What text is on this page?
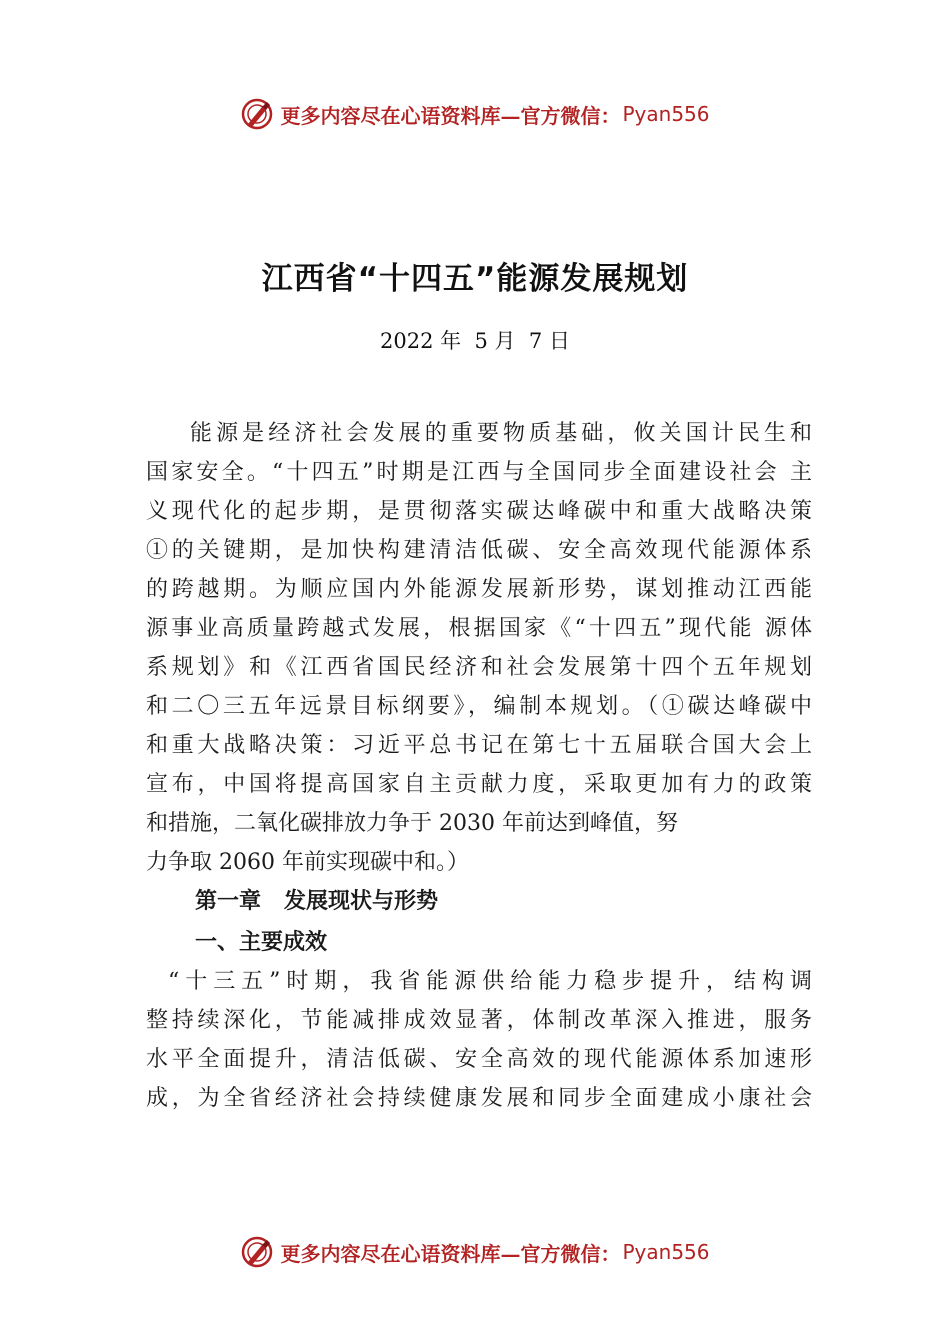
更多内容尽在心语资料库—官方微信： Pyan556
江西省“十四五”能源发展规划
2022 年  5 月  7 日
能源是经济社会发展的重要物质基础，攸关国计民生和
国家安全。“十四五”时期是江西与全国同步全面建设社会 主
义现代化的起步期，是贯彻落实碳达峰碳中和重大战略决策
①的关键期，是加快构建清洁低碳、安全高效现代能源体系
的跨越期。为顺应国内外能源发展新形势，谋划推动江西能
源事业高质量跨越式发展，根据国家《“十四五”现代能 源体
系规划》和《江西省国民经济和社会发展第十四个五年规划
和二〇三五年远景目标纲要》，编制本规划。（①碳达峰碳中
和重大战略决策：习近平总书记在第七十五届联合国大会上
宣布，中国将提高国家自主贡献力度，采取更加有力的政策
和措施，二氧化碳排放力争于 2030 年前达到峰值，努
力争取 2060 年前实现碳中和。）
第一章   发展现状与形势
一、主要成效
“十三五”时期，我省能源供给能力稳步提升，结构调
整持续深化，节能减排成效显著，体制改革深入推进，服务
水平全面提升，清洁低碳、安全高效的现代能源体系加速形
成，为全省经济社会持续健康发展和同步全面建成小康社会
更多内容尽在心语资料库—官方微信： Pyan556
